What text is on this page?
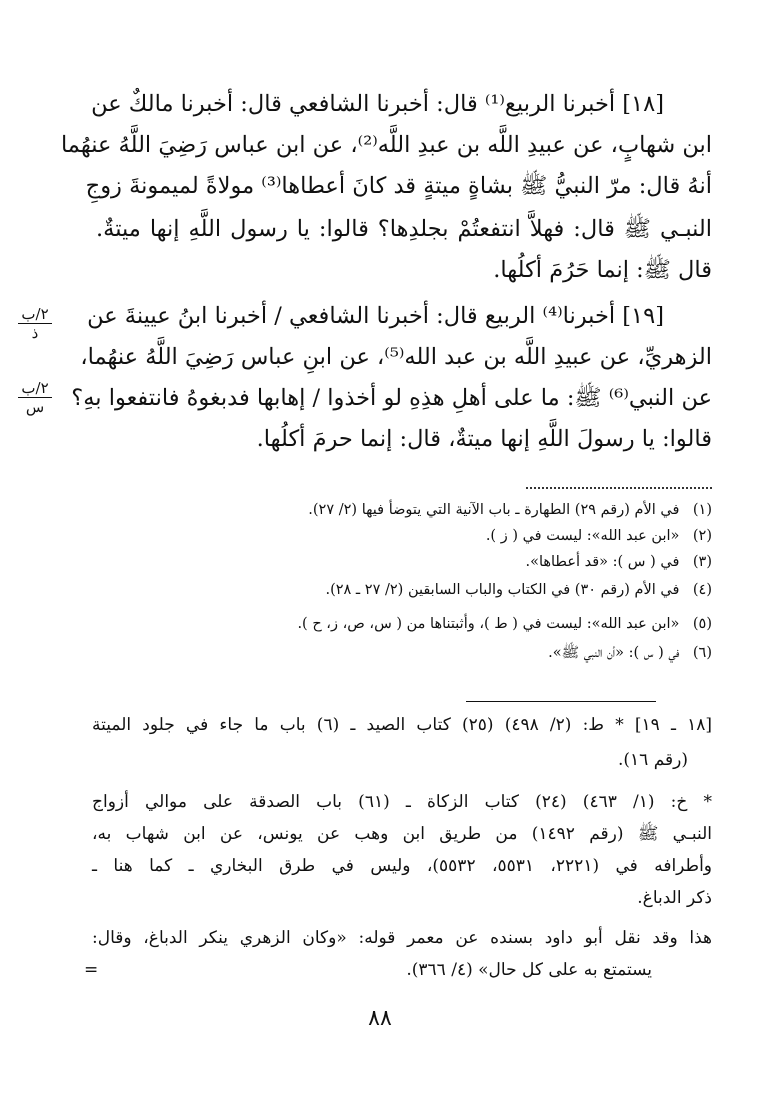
[١٨] أخبرنا الربيع⁽¹⁾ قال: أخبرنا الشافعي قال: أخبرنا مالكٌ عن
ابن شهابٍ، عن عبيدِ اللَّه بن عبدِ اللَّه⁽²⁾، عن ابن عباس رَضِيَ اللَّهُ عنهُما
أنهُ قال: مرّ النبيُّ ﷺ بشاةٍ ميتةٍ قد كانَ أعطاها⁽³⁾ مولاةً لميمونةَ زوجِ
النبـي ﷺ قال: فهلاَّ انتفعتُمْ بجلدِها؟ قالوا: يا رسول اللَّهِ إنها ميتةٌ.
قال ﷺ: إنما حَرُمَ أكلُها.
[١٩] أخبرنا⁽⁴⁾ الربيع قال: أخبرنا الشافعي / أخبرنا ابنُ عيينةَ عن
الزهريِّ، عن عبيدِ اللَّه بن عبد الله⁽⁵⁾، عن ابنِ عباس رَضِيَ اللَّهُ عنهُما،
عن النبي⁽⁶⁾ ﷺ: ما على أهلِ هذِهِ لو أخذوا / إهابها فدبغوهُ فانتفعوا بهِ؟
قالوا: يا رسولَ اللَّهِ إنها ميتةٌ، قال: إنما حرمَ أكلُها.
٢/ب
ذ
٢/ب
س
(١) في الأم (رقم ٢٩) الطهارة ـ باب الآنية التي يتوضأ فيها (٢/ ٢٧).
(٢) «ابن عبد الله»: ليست في ( ز ).
(٣) في ( س ): «قد أعطاها».
(٤) في الأم (رقم ٣٠) في الكتاب والباب السابقين (٢/ ٢٧ ـ ٢٨).
(٥) «ابن عبد الله»: ليست في ( ط )، وأثبتناها من ( س، ص، ز، ح ).
(٦) في ( س ): «أن النبي ﷺ».
[١٨ ـ ١٩] * ط: (٢/ ٤٩٨) (٢٥) كتاب الصيد ـ (٦) باب ما جاء في جلود الميتة
(رقم ١٦).
* خ: (١/ ٤٦٣) (٢٤) كتاب الزكاة ـ (٦١) باب الصدقة على موالي أزواج
النبـي ﷺ (رقم ١٤٩٢) من طريق ابن وهب عن يونس، عن ابن شهاب به،
وأطرافه في (٢٢٢١، ٥٥٣١، ٥٥٣٢)، وليس في طرق البخاري ـ كما هنا ـ
ذكر الدباغ.
هذا وقد نقل أبو داود بسنده عن معمر قوله: «وكان الزهري ينكر الدباغ، وقال:
يستمتع به على كل حال» (٤/ ٣٦٦).
=
٨٨
